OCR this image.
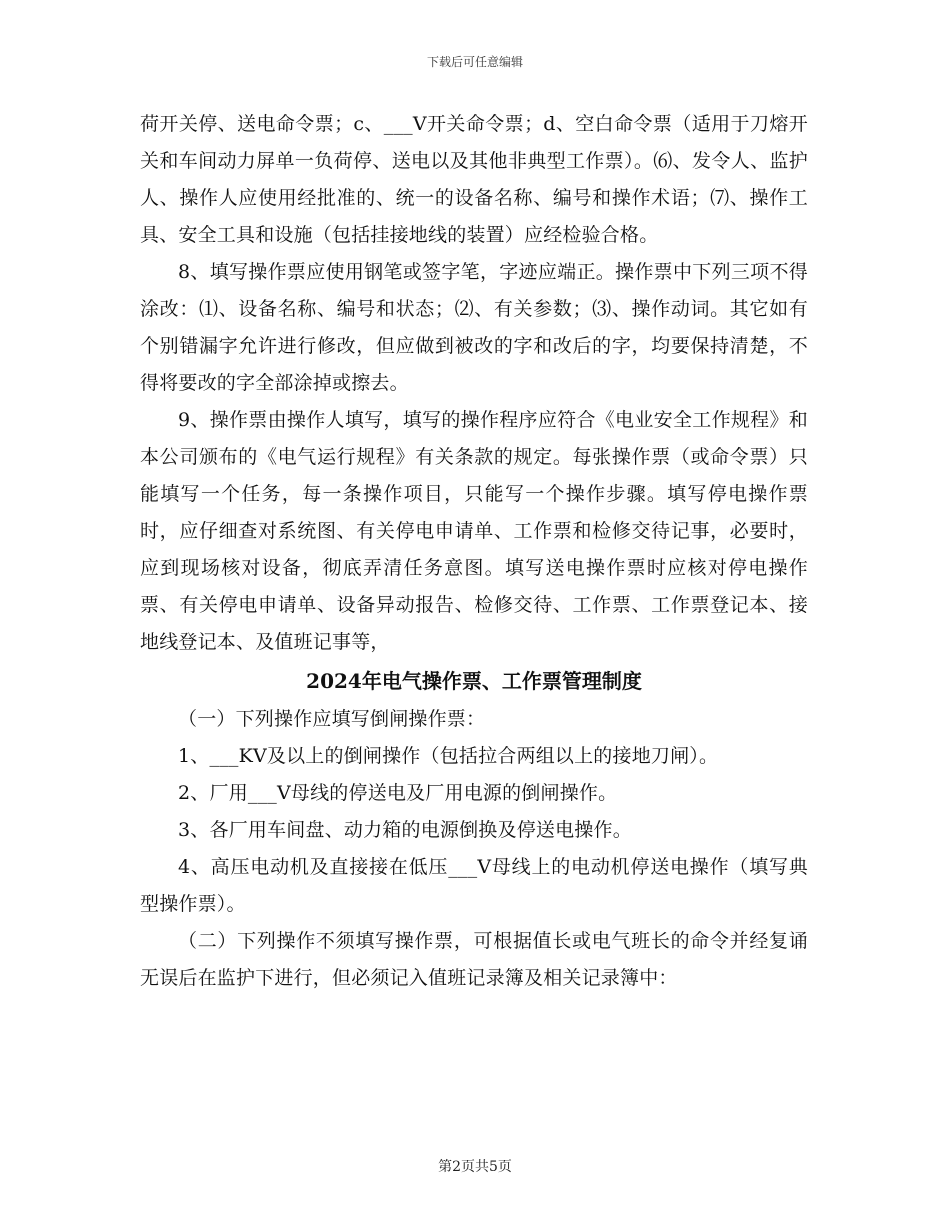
下载后可任意编辑

荷开关停、送电命令票；c、___V开关命令票；d、空白命令票（适用于刀熔开关和车间动力屏单一负荷停、送电以及其他非典型工作票）。⑹、发令人、监护人、操作人应使用经批准的、统一的设备名称、编号和操作术语；⑺、操作工具、安全工具和设施（包括挂接地线的装置）应经检验合格。

8、填写操作票应使用钢笔或签字笔，字迹应端正。操作票中下列三项不得涂改：⑴、设备名称、编号和状态；⑵、有关参数；⑶、操作动词。其它如有个别错漏字允许进行修改，但应做到被改的字和改后的字，均要保持清楚，不得将要改的字全部涂掉或擦去。

9、操作票由操作人填写，填写的操作程序应符合《电业安全工作规程》和本公司颁布的《电气运行规程》有关条款的规定。每张操作票（或命令票）只能填写一个任务，每一条操作项目，只能写一个操作步骤。填写停电操作票时，应仔细查对系统图、有关停电申请单、工作票和检修交待记事，必要时，应到现场核对设备，彻底弄清任务意图。填写送电操作票时应核对停电操作票、有关停电申请单、设备异动报告、检修交待、工作票、工作票登记本、接地线登记本、及值班记事等，

2024年电气操作票、工作票管理制度

（一）下列操作应填写倒闸操作票：

1、___KV及以上的倒闸操作（包括拉合两组以上的接地刀闸）。

2、厂用___V母线的停送电及厂用电源的倒闸操作。

3、各厂用车间盘、动力箱的电源倒换及停送电操作。

4、高压电动机及直接接在低压___V母线上的电动机停送电操作（填写典型操作票）。

（二）下列操作不须填写操作票，可根据值长或电气班长的命令并经复诵无误后在监护下进行，但必须记入值班记录簿及相关记录簿中：

第2页共5页
